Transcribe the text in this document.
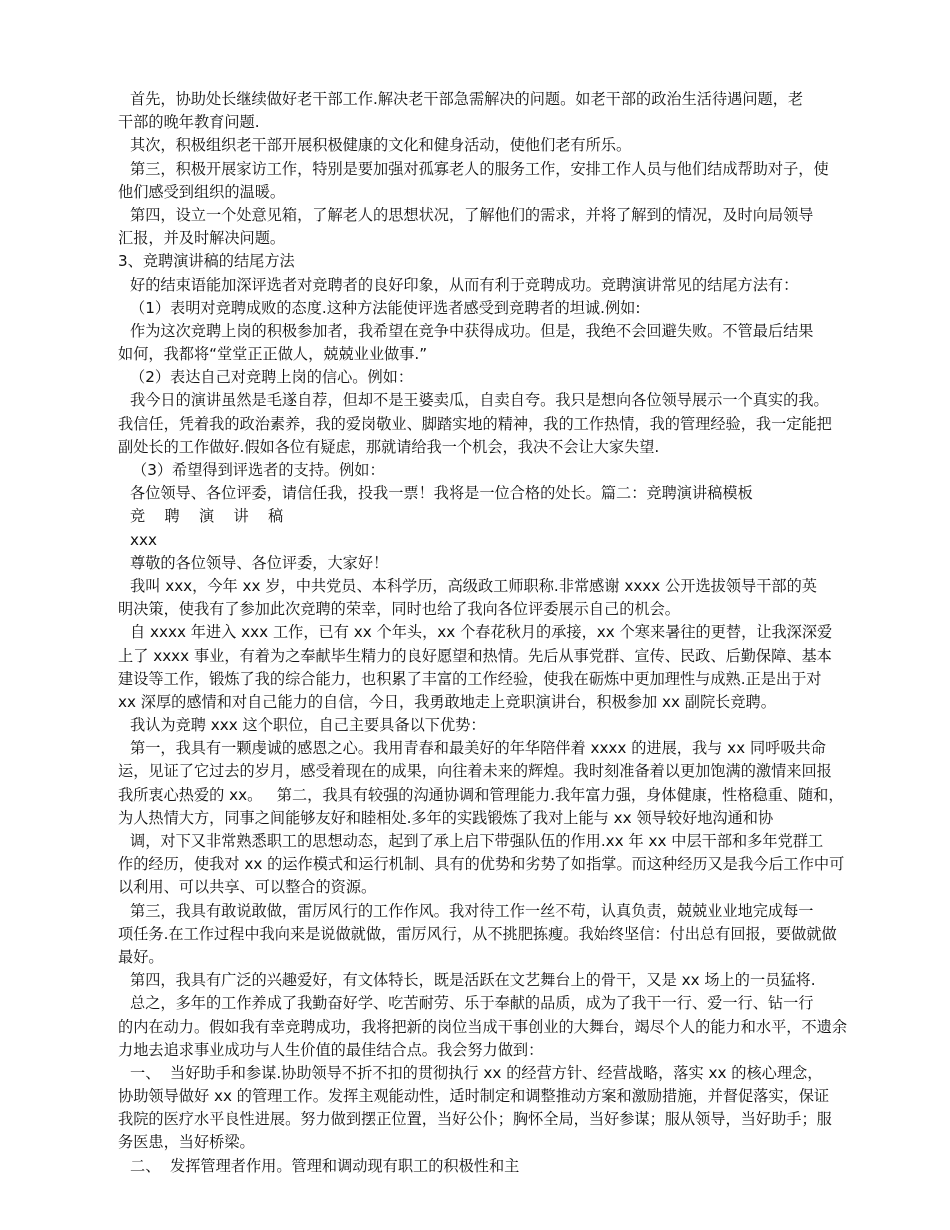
首先，协助处长继续做好老干部工作.解决老干部急需解决的问题。如老干部的政治生活待遇问题，老
干部的晚年教育问题.
其次，积极组织老干部开展积极健康的文化和健身活动，使他们老有所乐。
第三，积极开展家访工作，特别是要加强对孤寡老人的服务工作，安排工作人员与他们结成帮助对子，使
他们感受到组织的温暖。
第四，设立一个处意见箱，了解老人的思想状况，了解他们的需求，并将了解到的情况，及时向局领导
汇报，并及时解决问题。
3、竞聘演讲稿的结尾方法
好的结束语能加深评选者对竞聘者的良好印象，从而有利于竞聘成功。竞聘演讲常见的结尾方法有：
（1）表明对竞聘成败的态度.这种方法能使评选者感受到竞聘者的坦诚.例如:
作为这次竞聘上岗的积极参加者，我希望在竞争中获得成功。但是，我绝不会回避失败。不管最后结果
如何，我都将“堂堂正正做人，兢兢业业做事.”
（2）表达自己对竞聘上岗的信心。例如：
我今日的演讲虽然是毛遂自荐，但却不是王婆卖瓜，自卖自夸。我只是想向各位领导展示一个真实的我。
我信任，凭着我的政治素养，我的爱岗敬业、脚踏实地的精神，我的工作热情，我的管理经验，我一定能把
副处长的工作做好.假如各位有疑虑，那就请给我一个机会，我决不会让大家失望.
（3）希望得到评选者的支持。例如：
各位领导、各位评委，请信任我，投我一票！我将是一位合格的处长。篇二：竞聘演讲稿模板
竞    聘    演    讲    稿
xxx
尊敬的各位领导、各位评委，大家好！
我叫 xxx，今年 xx 岁，中共党员、本科学历，高级政工师职称.非常感谢 xxxx 公开选拔领导干部的英
明决策，使我有了参加此次竞聘的荣幸，同时也给了我向各位评委展示自己的机会。
自 xxxx 年进入 xxx 工作，已有 xx 个年头，xx 个春花秋月的承接，xx 个寒来暑往的更替，让我深深爱
上了 xxxx 事业，有着为之奉献毕生精力的良好愿望和热情。先后从事党群、宣传、民政、后勤保障、基本
建设等工作，锻炼了我的综合能力，也积累了丰富的工作经验，使我在砺炼中更加理性与成熟.正是出于对
xx 深厚的感情和对自己能力的自信，今日，我勇敢地走上竞职演讲台，积极参加 xx 副院长竞聘。
我认为竞聘 xxx 这个职位，自己主要具备以下优势：
第一，我具有一颗虔诚的感恩之心。我用青春和最美好的年华陪伴着 xxxx 的进展，我与 xx 同呼吸共命
运，见证了它过去的岁月，感受着现在的成果，向往着未来的辉煌。我时刻准备着以更加饱满的激情来回报
我所衷心热爱的 xx。   第二，我具有较强的沟通协调和管理能力.我年富力强，身体健康，性格稳重、随和，
为人热情大方，同事之间能够友好和睦相处.多年的实践锻炼了我对上能与 xx 领导较好地沟通和协
调，对下又非常熟悉职工的思想动态，起到了承上启下带强队伍的作用.xx 年 xx 中层干部和多年党群工
作的经历，使我对 xx 的运作模式和运行机制、具有的优势和劣势了如指掌。而这种经历又是我今后工作中可
以利用、可以共享、可以整合的资源。
第三，我具有敢说敢做，雷厉风行的工作作风。我对待工作一丝不苟，认真负责，兢兢业业地完成每一
项任务.在工作过程中我向来是说做就做，雷厉风行，从不挑肥拣瘦。我始终坚信：付出总有回报，要做就做
最好。
第四，我具有广泛的兴趣爱好，有文体特长，既是活跃在文艺舞台上的骨干，又是 xx 场上的一员猛将.
总之，多年的工作养成了我勤奋好学、吃苦耐劳、乐于奉献的品质，成为了我干一行、爱一行、钻一行
的内在动力。假如我有幸竞聘成功，我将把新的岗位当成干事创业的大舞台，竭尽个人的能力和水平，不遗余
力地去追求事业成功与人生价值的最佳结合点。我会努力做到：
一、  当好助手和参谋.协助领导不折不扣的贯彻执行 xx 的经营方针、经营战略，落实 xx 的核心理念，
协助领导做好 xx 的管理工作。发挥主观能动性，适时制定和调整推动方案和激励措施，并督促落实，保证
我院的医疗水平良性进展。努力做到摆正位置，当好公仆；胸怀全局，当好参谋；服从领导，当好助手；服
务医患，当好桥梁。
二、  发挥管理者作用。管理和调动现有职工的积极性和主
